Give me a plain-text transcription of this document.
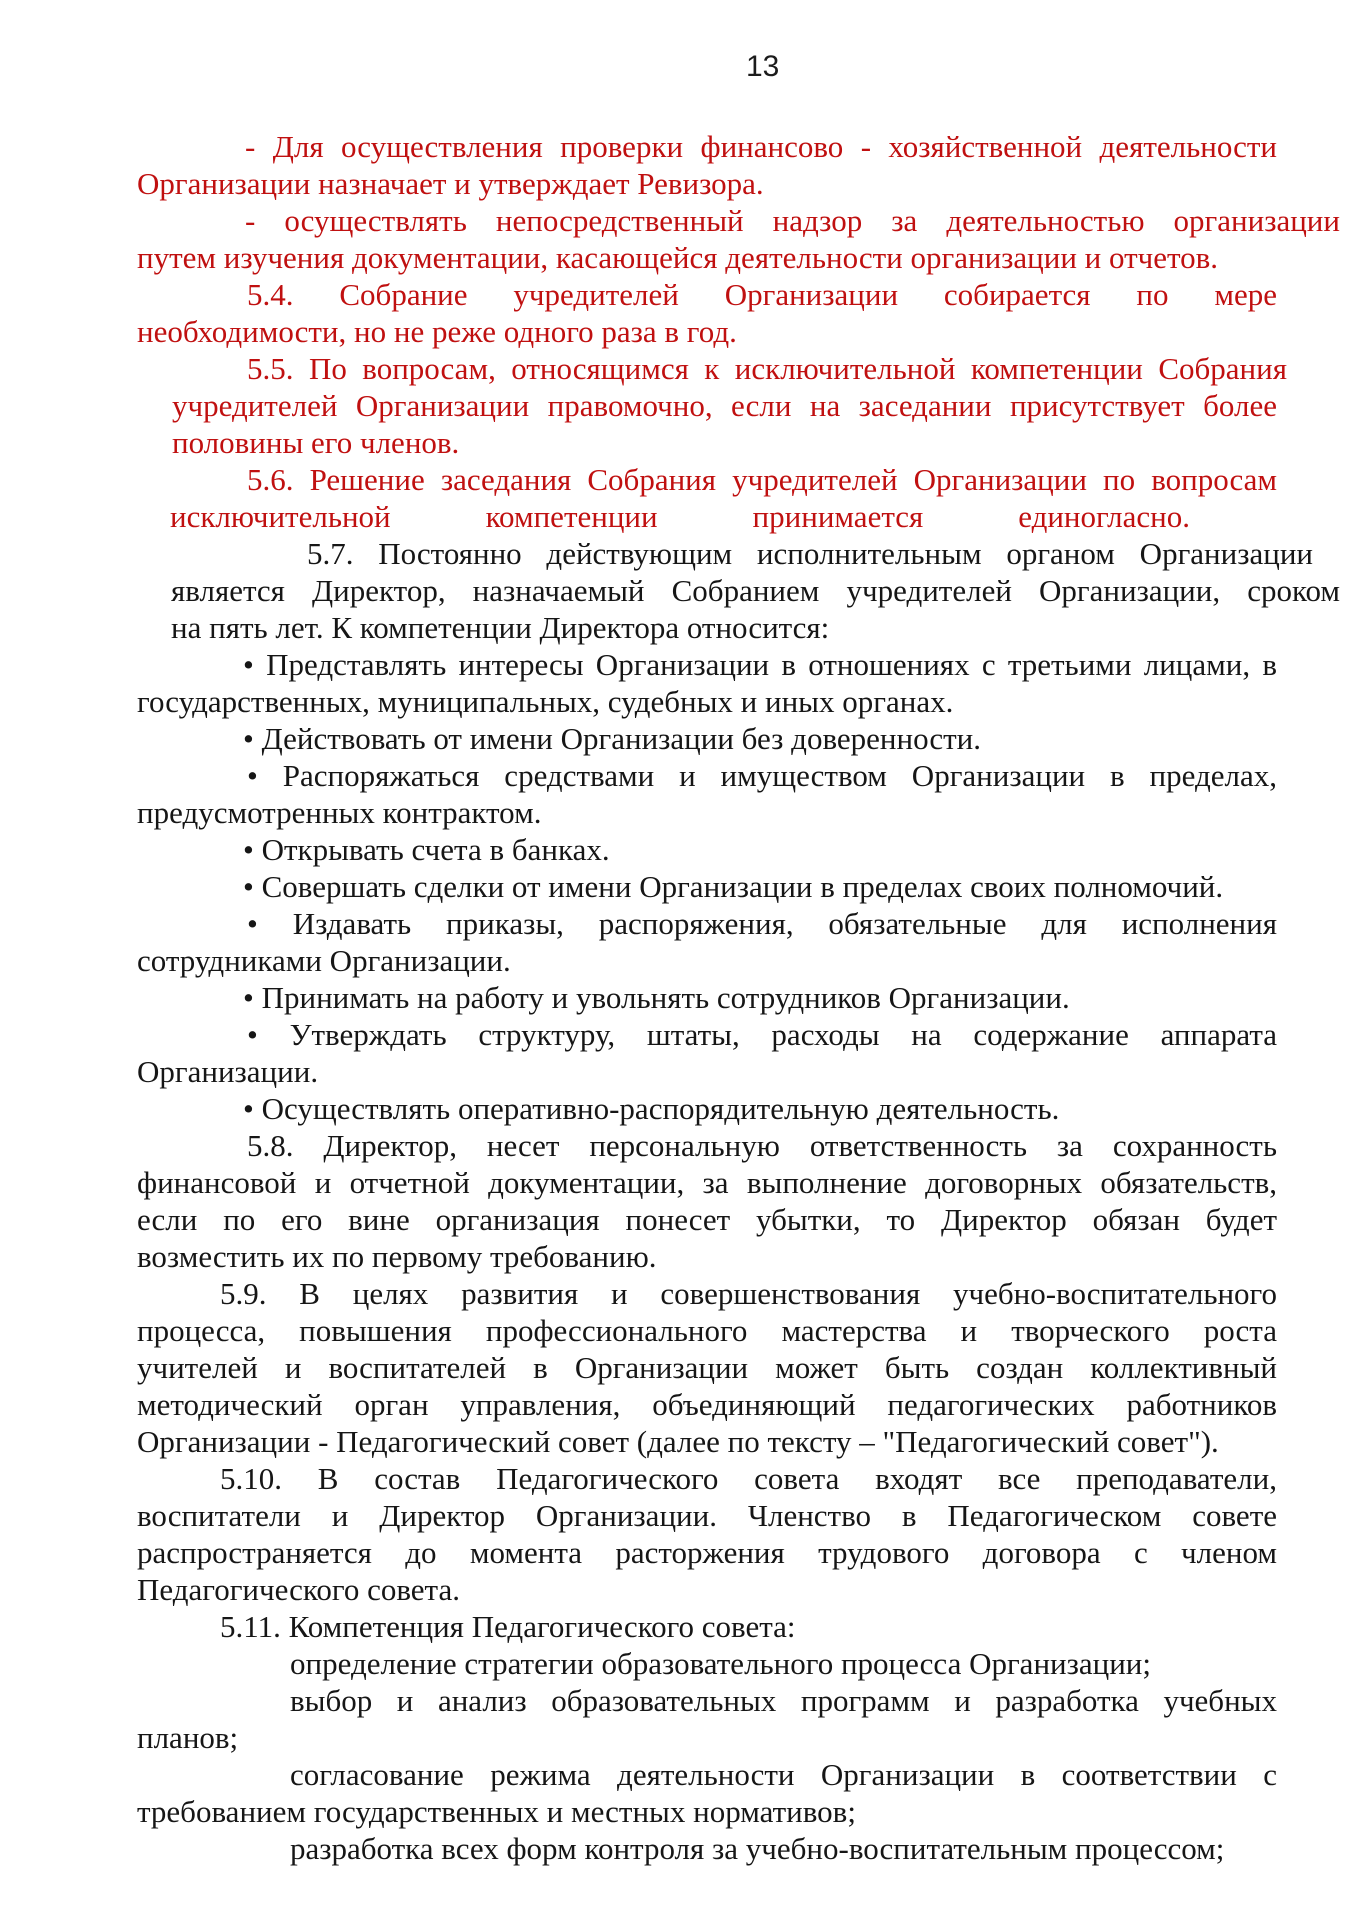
13
- Для осуществления проверки финансово - хозяйственной деятельности
Организации назначает и утверждает Ревизора.
- осуществлять непосредственный надзор за деятельностью организации
путем изучения документации, касающейся деятельности организации и отчетов.
5.4. Собрание учредителей Организации собирается по мере
необходимости, но не реже одного раза в год.
5.5. По вопросам, относящимся к исключительной компетенции Собрания
учредителей Организации правомочно, если на заседании присутствует более
половины его членов.
5.6. Решение заседания Собрания учредителей Организации по вопросам
исключительной компетенции принимается единогласно.
5.7. Постоянно действующим исполнительным органом Организации
является Директор, назначаемый Собранием учредителей Организации, сроком
на пять лет. К компетенции Директора относится:
• Представлять интересы Организации в отношениях с третьими лицами, в
государственных, муниципальных, судебных и иных органах.
• Действовать от имени Организации без доверенности.
• Распоряжаться средствами и имуществом Организации в пределах,
предусмотренных контрактом.
• Открывать счета в банках.
• Совершать сделки от имени Организации в пределах своих полномочий.
• Издавать приказы, распоряжения, обязательные для исполнения
сотрудниками Организации.
• Принимать на работу и увольнять сотрудников Организации.
• Утверждать структуру, штаты, расходы на содержание аппарата
Организации.
• Осуществлять оперативно-распорядительную деятельность.
5.8. Директор, несет персональную ответственность за сохранность
финансовой и отчетной документации, за выполнение договорных обязательств,
если по его вине организация понесет убытки, то Директор обязан будет
возместить их по первому требованию.
5.9. В целях развития и совершенствования учебно-воспитательного
процесса, повышения профессионального мастерства и творческого роста
учителей и воспитателей в Организации может быть создан коллективный
методический орган управления, объединяющий педагогических работников
Организации - Педагогический совет (далее по тексту – "Педагогический совет").
5.10. В состав Педагогического совета входят все преподаватели,
воспитатели и Директор Организации. Членство в Педагогическом совете
распространяется до момента расторжения трудового договора с членом
Педагогического совета.
5.11. Компетенция Педагогического совета:
определение стратегии образовательного процесса Организации;
выбор и анализ образовательных программ и разработка учебных
планов;
согласование режима деятельности Организации в соответствии с
требованием государственных и местных нормативов;
разработка всех форм контроля за учебно-воспитательным процессом;
